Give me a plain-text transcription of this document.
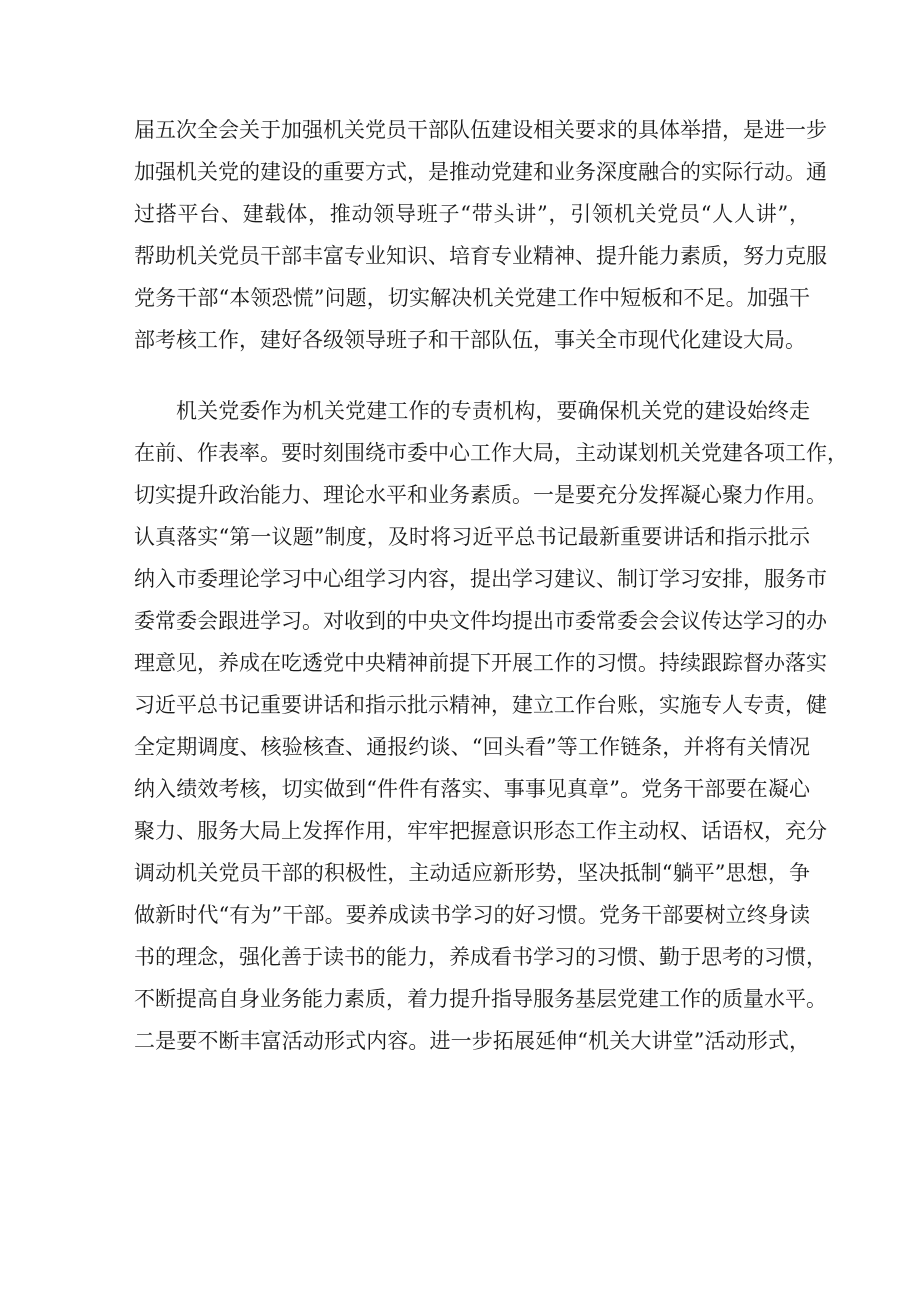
届五次全会关于加强机关党员干部队伍建设相关要求的具体举措，是进一步
加强机关党的建设的重要方式，是推动党建和业务深度融合的实际行动。通
过搭平台、建载体，推动领导班子“带头讲”，引领机关党员“人人讲”，
帮助机关党员干部丰富专业知识、培育专业精神、提升能力素质，努力克服
党务干部“本领恐慌”问题，切实解决机关党建工作中短板和不足。加强干
部考核工作，建好各级领导班子和干部队伍，事关全市现代化建设大局。
机关党委作为机关党建工作的专责机构，要确保机关党的建设始终走
在前、作表率。要时刻围绕市委中心工作大局，主动谋划机关党建各项工作，
切实提升政治能力、理论水平和业务素质。一是要充分发挥凝心聚力作用。
认真落实“第一议题”制度，及时将习近平总书记最新重要讲话和指示批示
纳入市委理论学习中心组学习内容，提出学习建议、制订学习安排，服务市
委常委会跟进学习。对收到的中央文件均提出市委常委会会议传达学习的办
理意见，养成在吃透党中央精神前提下开展工作的习惯。持续跟踪督办落实
习近平总书记重要讲话和指示批示精神，建立工作台账，实施专人专责，健
全定期调度、核验核查、通报约谈、“回头看”等工作链条，并将有关情况
纳入绩效考核，切实做到“件件有落实、事事见真章”。党务干部要在凝心
聚力、服务大局上发挥作用，牢牢把握意识形态工作主动权、话语权，充分
调动机关党员干部的积极性，主动适应新形势，坚决抵制“躺平”思想，争
做新时代“有为”干部。要养成读书学习的好习惯。党务干部要树立终身读
书的理念，强化善于读书的能力，养成看书学习的习惯、勤于思考的习惯，
不断提高自身业务能力素质，着力提升指导服务基层党建工作的质量水平。
二是要不断丰富活动形式内容。进一步拓展延伸“机关大讲堂”活动形式，
